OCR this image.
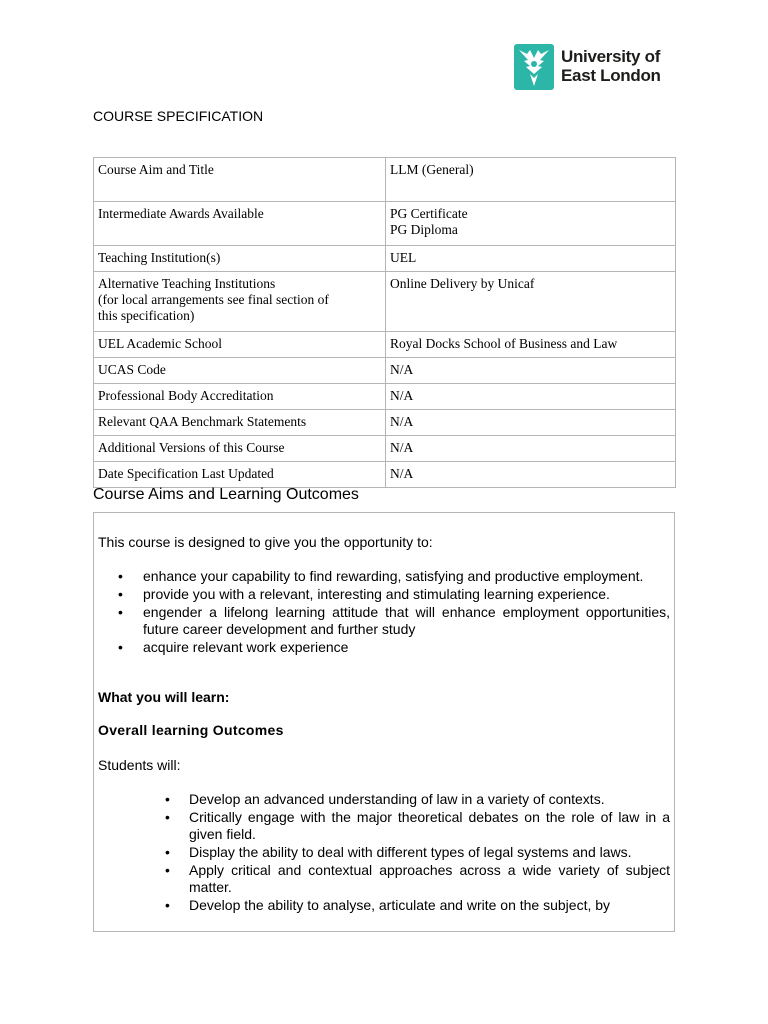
University of
East London
COURSE SPECIFICATION
Course Aim and Title	LLM (General)

Intermediate Awards Available	PG Certificate
PG Diploma

Teaching Institution(s)	UEL

Alternative Teaching Institutions
(for local arrangements see final section of
this specification)	Online Delivery by Unicaf

UEL Academic School	Royal Docks School of Business and Law

UCAS Code	N/A

Professional Body Accreditation	N/A

Relevant QAA Benchmark Statements	N/A

Additional Versions of this Course	N/A

Date Specification Last Updated	N/A
Course Aims and Learning Outcomes
This course is designed to give you the opportunity to:
• enhance your capability to find rewarding, satisfying and productive employment.
• provide you with a relevant, interesting and stimulating learning experience.
• engender a lifelong learning attitude that will enhance employment opportunities, future career development and further study
• acquire relevant work experience
What you will learn:
Overall learning Outcomes
Students will:
• Develop an advanced understanding of law in a variety of contexts.
• Critically engage with the major theoretical debates on the role of law in a given field.
• Display the ability to deal with different types of legal systems and laws.
• Apply critical and contextual approaches across a wide variety of subject matter.
• Develop the ability to analyse, articulate and write on the subject, by
